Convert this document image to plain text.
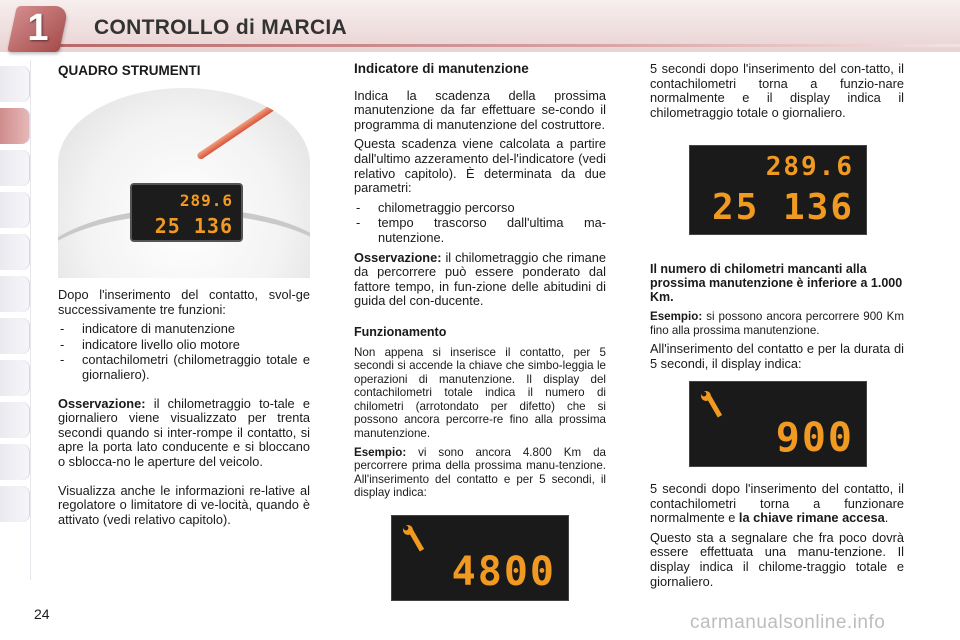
1 CONTROLLO di MARCIA
QUADRO STRUMENTI
289.6
25 136

Dopo l'inserimento del contatto, svol-ge successivamente tre funzioni:

- indicatore di manutenzione
- indicatore livello olio motore
- contachilometri (chilometraggio totale e giornaliero).

Osservazione: il chilometraggio to-tale e giornaliero viene visualizzato per trenta secondi quando si inter-rompe il contatto, si apre la porta lato conducente e si bloccano o sblocca-no le aperture del veicolo.

Visualizza anche le informazioni re-lative al regolatore o limitatore di ve-locità, quando è attivato (vedi relativo capitolo).

Indicatore di manutenzione

Indica la scadenza della prossima manutenzione da far effettuare se-condo il programma di manutenzione del costruttore.

Questa scadenza viene calcolata a partire dall'ultimo azzeramento del-l'indicatore (vedi relativo capitolo). È determinata da due parametri:

- chilometraggio percorso
- tempo trascorso dall'ultima ma-nutenzione.

Osservazione: il chilometraggio che rimane da percorrere può essere ponderato dal fattore tempo, in fun-zione delle abitudini di guida del con-ducente.

Funzionamento

Non appena si inserisce il contatto, per 5 secondi si accende la chiave che simbo-leggia le operazioni di manutenzione. Il display del contachilometri totale indica il numero di chilometri (arrotondato per difetto) che si possono ancora percorre-re fino alla prossima manutenzione.

Esempio: vi sono ancora 4.800 Km da percorrere prima della prossima manu-tenzione. All'inserimento del contatto e per 5 secondi, il display indica:

4800

5 secondi dopo l'inserimento del con-tatto, il contachilometri torna a funzio-nare normalmente e il display indica il chilometraggio totale o giornaliero.

289.6
25 136
Il numero di chilometri mancanti alla prossima manutenzione è inferiore a 1.000 Km.

Esempio: si possono ancora percorrere 900 Km fino alla prossima manutenzione.

All'inserimento del contatto e per la durata di 5 secondi, il display indica:

900

5 secondi dopo l'inserimento del contatto, il contachilometri torna a funzionare normalmente e la chiave rimane accesa.

Questo sta a segnalare che fra poco dovrà essere effettuata una manu-tenzione. Il display indica il chilome-traggio totale e giornaliero.

24	carmanualsonline.info
